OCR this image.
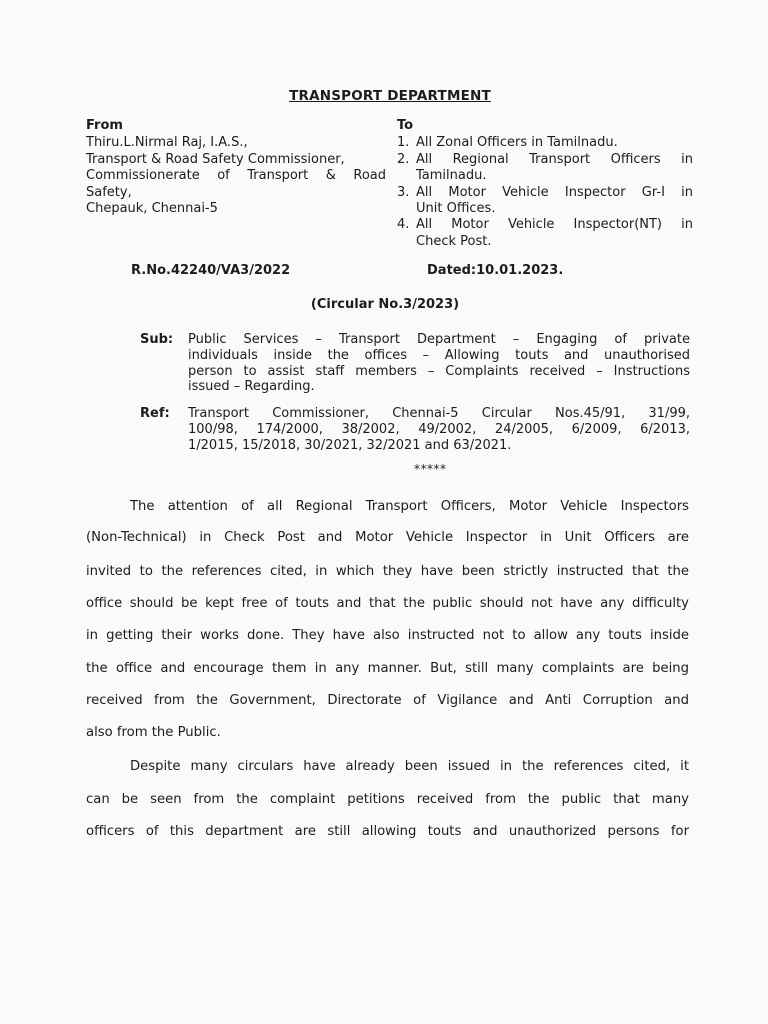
TRANSPORT DEPARTMENT
From
Thiru.L.Nirmal Raj, I.A.S.,
Transport & Road Safety Commissioner,
Commissionerate of Transport & Road
Safety,
Chepauk, Chennai-5
To
1. All Zonal Officers in Tamilnadu.
2. All Regional Transport Officers in
Tamilnadu.
3. All Motor Vehicle Inspector Gr-I in
Unit Offices.
4. All Motor Vehicle Inspector(NT) in
Check Post.
R.No.42240/VA3/2022	Dated:10.01.2023.
(Circular No.3/2023)
Sub:	Public Services – Transport Department – Engaging of private
individuals inside the offices – Allowing touts and unauthorised
person to assist staff members – Complaints received – Instructions
issued – Regarding.
Ref:	Transport Commissioner, Chennai-5 Circular Nos.45/91, 31/99,
100/98, 174/2000, 38/2002, 49/2002, 24/2005, 6/2009, 6/2013,
1/2015, 15/2018, 30/2021, 32/2021 and 63/2021.
*****
The attention of all Regional Transport Officers, Motor Vehicle Inspectors
(Non-Technical) in Check Post and Motor Vehicle Inspector in Unit Officers are
invited to the references cited, in which they have been strictly instructed that the
office should be kept free of touts and that the public should not have any difficulty
in getting their works done. They have also instructed not to allow any touts inside
the office and encourage them in any manner. But, still many complaints are being
received from the Government, Directorate of Vigilance and Anti Corruption and
also from the Public.
Despite many circulars have already been issued in the references cited, it
can be seen from the complaint petitions received from the public that many
officers of this department are still allowing touts and unauthorized persons for
